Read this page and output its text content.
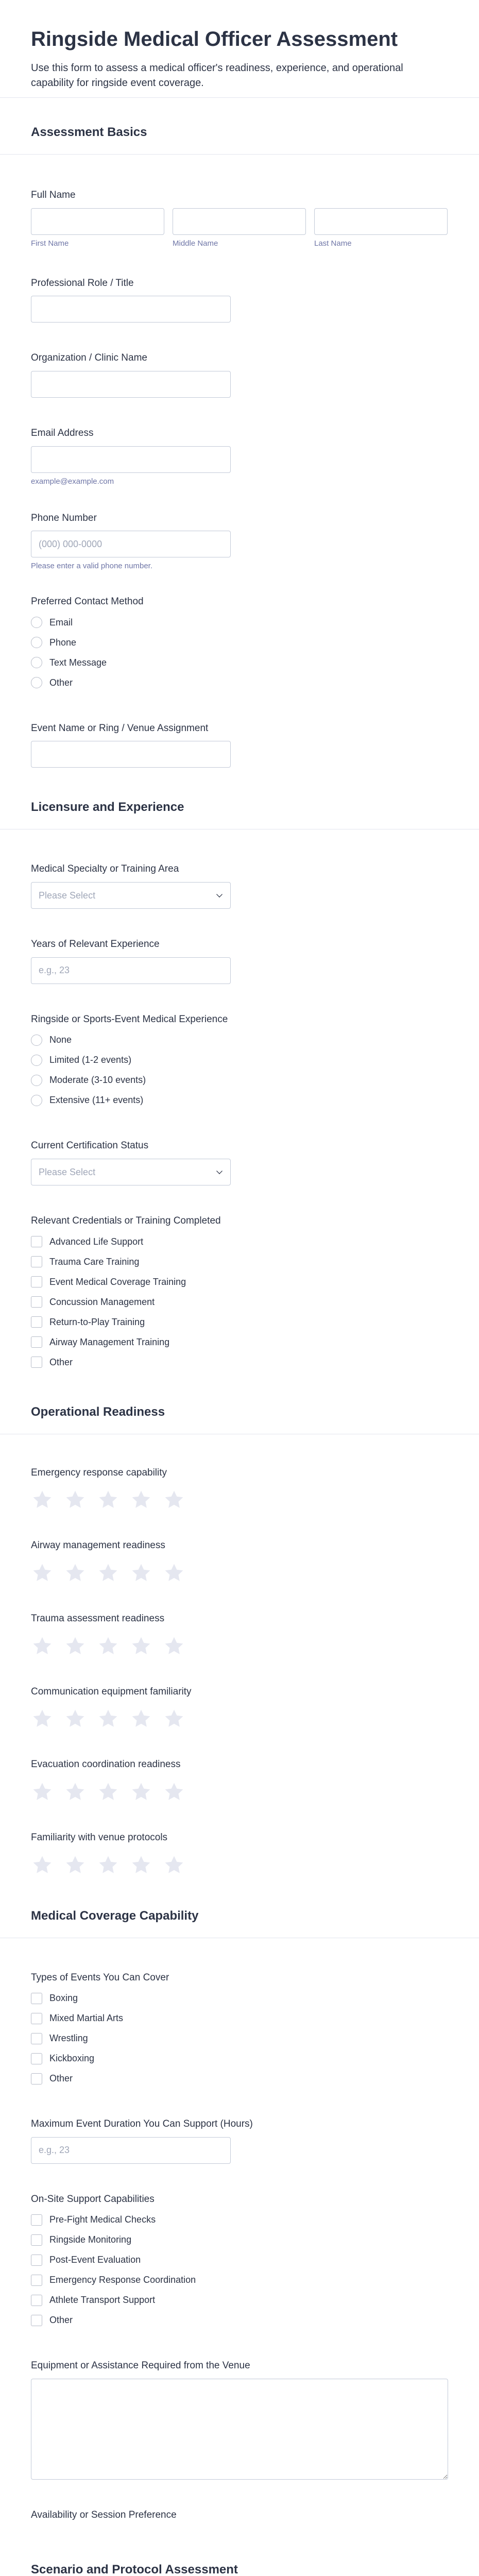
Ringside Medical Officer Assessment

Use this form to assess a medical officer's readiness, experience, and operational capability for ringside event coverage.

Assessment Basics
Full Name
First Name	Middle Name	Last Name
Professional Role / Title
Organization / Clinic Name
Email Address
example@example.com
Phone Number
(000) 000-0000
Please enter a valid phone number.
Preferred Contact Method
Email
Phone
Text Message
Other
Event Name or Ring / Venue Assignment
Licensure and Experience
Medical Specialty or Training Area
Please Select
Years of Relevant Experience
e.g., 23
Ringside or Sports-Event Medical Experience
None
Limited (1-2 events)
Moderate (3-10 events)
Extensive (11+ events)
Current Certification Status
Please Select
Relevant Credentials or Training Completed
Advanced Life Support
Trauma Care Training
Event Medical Coverage Training
Concussion Management
Return-to-Play Training
Airway Management Training
Other
Operational Readiness
Emergency response capability
Airway management readiness
Trauma assessment readiness
Communication equipment familiarity
Evacuation coordination readiness
Familiarity with venue protocols
Medical Coverage Capability
Types of Events You Can Cover
Boxing
Mixed Martial Arts
Wrestling
Kickboxing
Other
Maximum Event Duration You Can Support (Hours)
e.g., 23
On-Site Support Capabilities
Pre-Fight Medical Checks
Ringside Monitoring
Post-Event Evaluation
Emergency Response Coordination
Athlete Transport Support
Other
Equipment or Assistance Required from the Venue
Availability or Session Preference
Scenario and Protocol Assessment
